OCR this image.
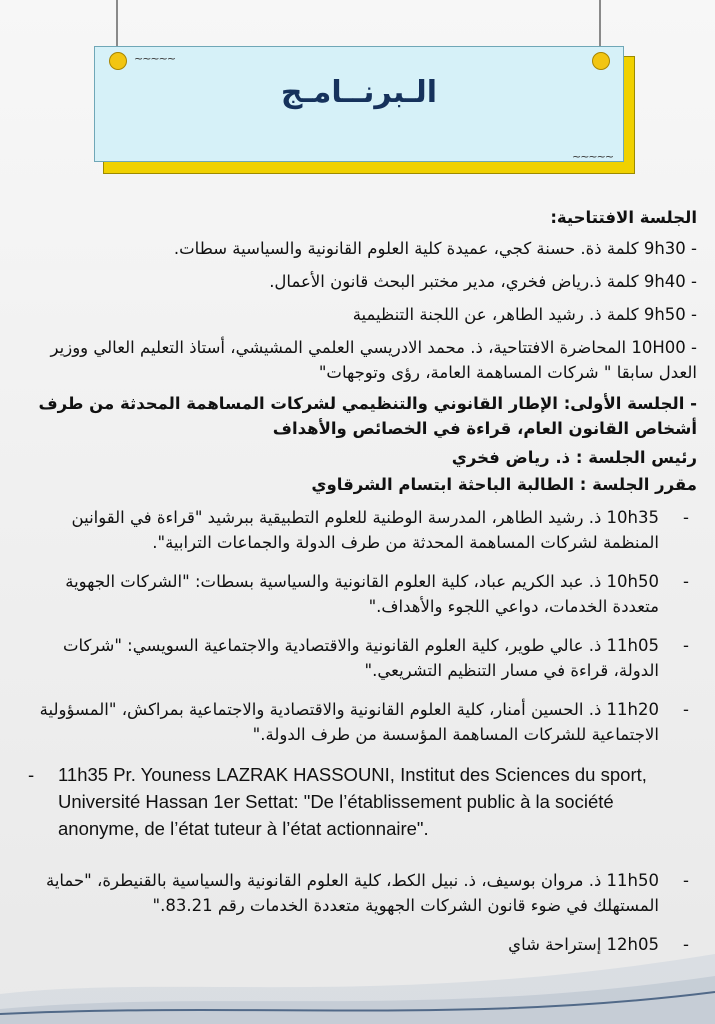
الـبرنــامـج
~~~~~
~~~~~

الجلسة الافتتاحية:

- 9h30 كلمة ذة. حسنة كجي، عميدة كلية العلوم القانونية والسياسية سطات.

- 9h40 كلمة ذ.رياض فخري، مدير مختبر البحث قانون الأعمال.

- 9h50 كلمة ذ. رشيد الطاهر، عن اللجنة التنظيمية

- 10H00 المحاضرة الافتتاحية، ذ. محمد الادريسي العلمي المشيشي، أستاذ التعليم العالي ووزير العدل سابقا " شركات المساهمة العامة، رؤى وتوجهات"

- الجلسة الأولى: الإطار القانوني والتنظيمي لشركات المساهمة المحدثة من طرف أشخاص القانون العام، قراءة في الخصائص والأهداف

رئيس الجلسة : ذ. رياض فخري

مقرر الجلسة : الطالبة الباحثة ابتسام الشرقاوي

-
10h35 ذ. رشيد الطاهر، المدرسة الوطنية للعلوم التطبيقية ببرشيد "قراءة في القوانين المنظمة لشركات المساهمة المحدثة من طرف الدولة والجماعات الترابية".
-
10h50 ذ. عبد الكريم عباد، كلية العلوم القانونية والسياسية بسطات: "الشركات الجهوية متعددة الخدمات، دواعي اللجوء والأهداف."
-
11h05 ذ. عالي طوير، كلية العلوم القانونية والاقتصادية والاجتماعية السويسي: "شركات الدولة، قراءة في مسار التنظيم التشريعي."
-
11h20 ذ. الحسين أمنار، كلية العلوم القانونية والاقتصادية والاجتماعية بمراكش، "المسؤولية الاجتماعية للشركات المساهمة المؤسسة من طرف الدولة."
- 11h35 Pr. Youness LAZRAK HASSOUNI, Institut des Sciences du sport, Université Hassan 1er Settat: "De l’établissement public à la société anonyme, de l’état tuteur à l’état actionnaire".
-
11h50 ذ. مروان بوسيف، ذ. نبيل الكط، كلية العلوم القانونية والسياسية بالقنيطرة، "حماية المستهلك في ضوء قانون الشركات الجهوية متعددة الخدمات رقم 83.21."
-
12h05 إستراحة شاي
